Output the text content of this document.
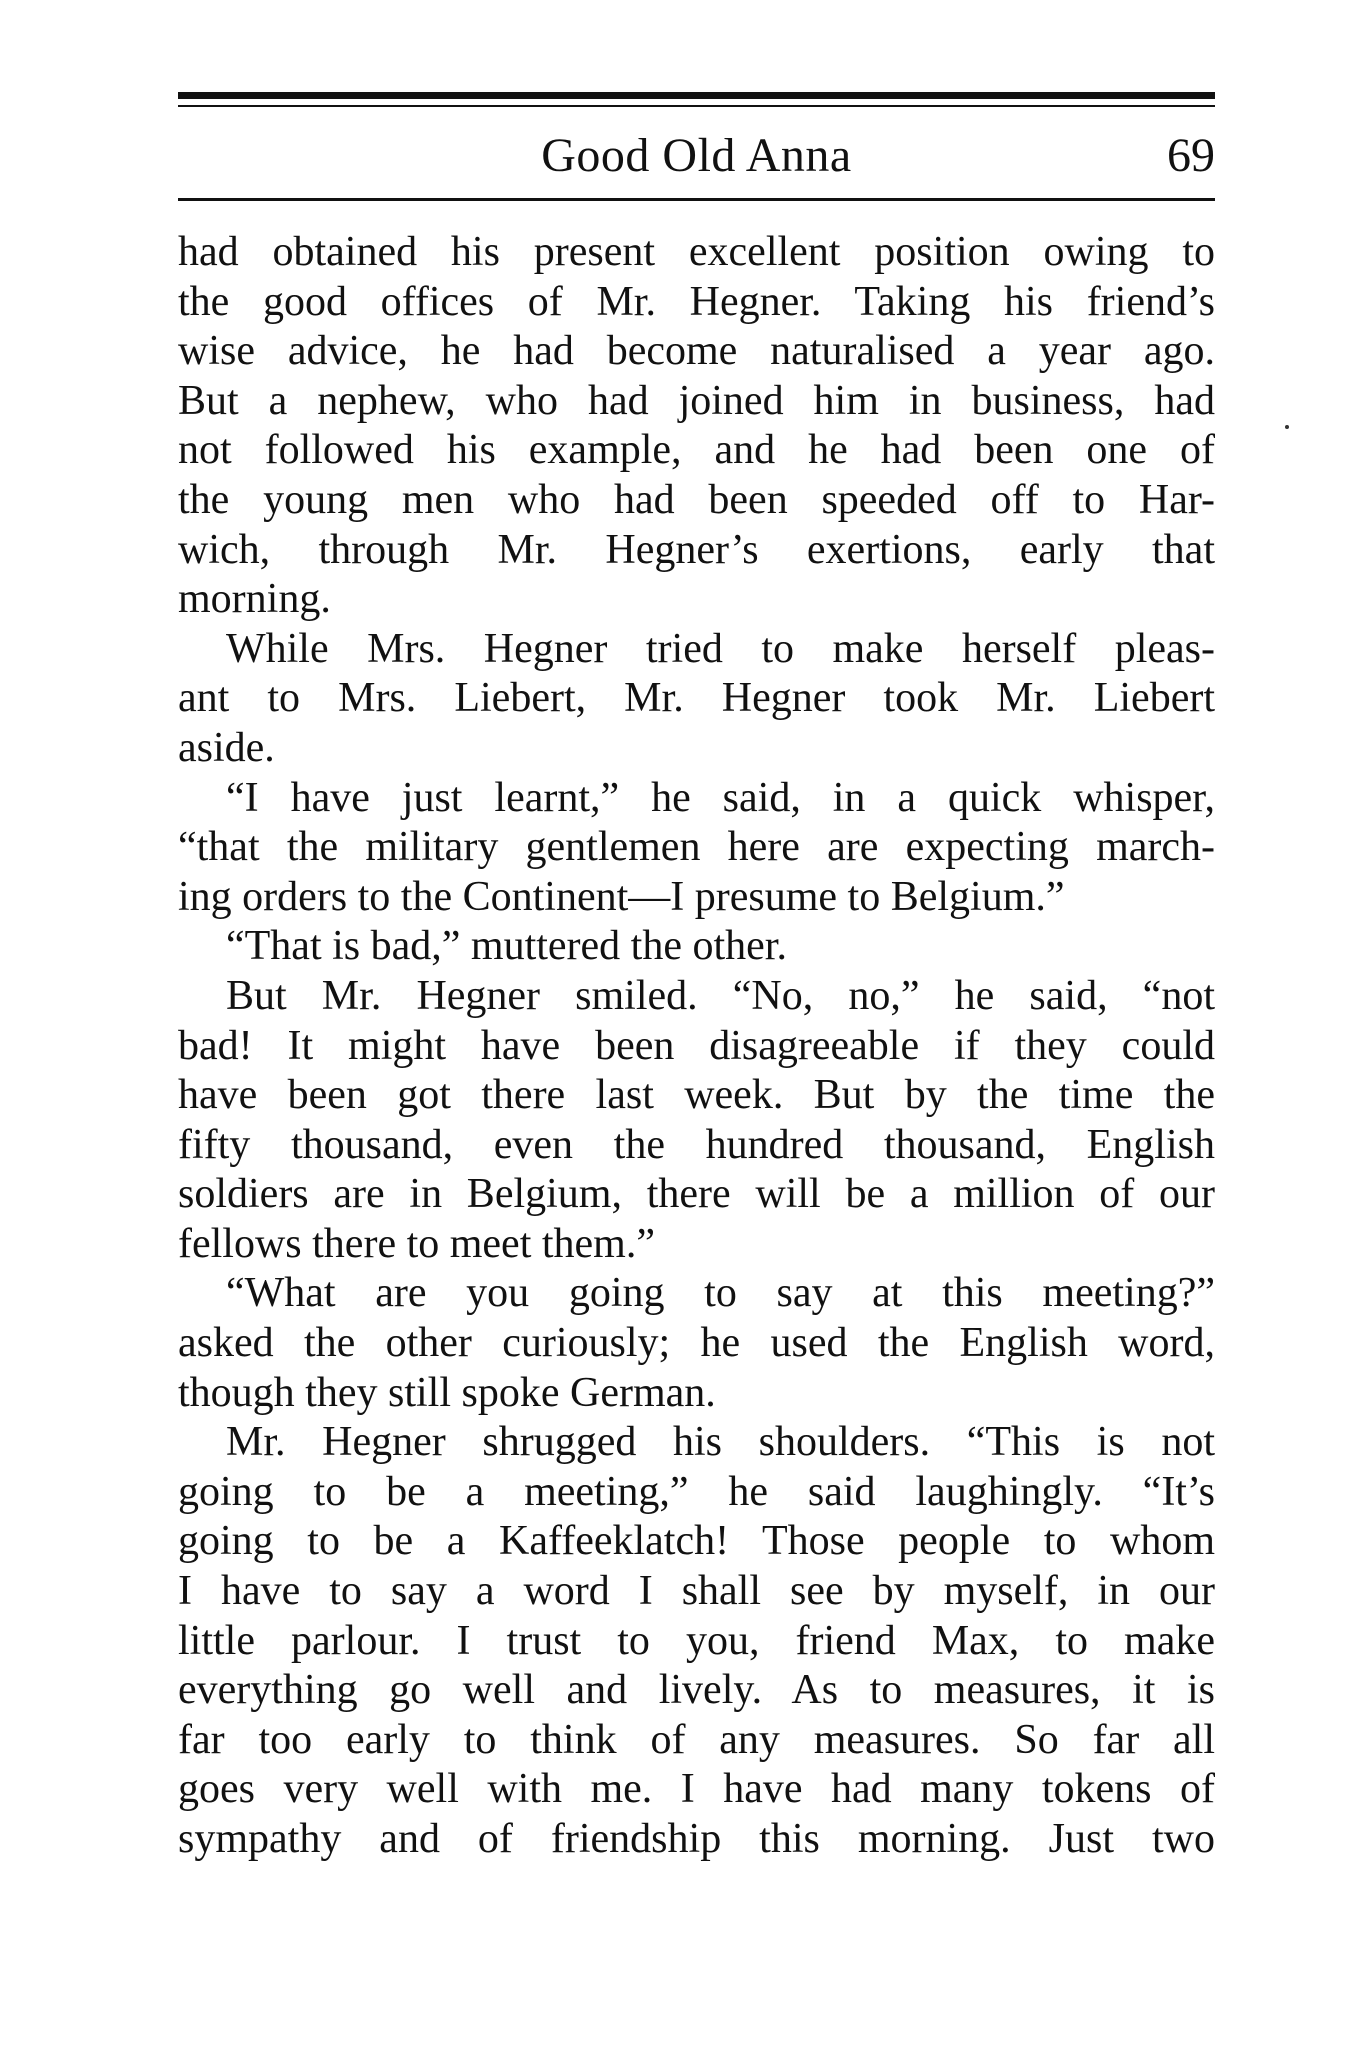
Good Old Anna	69
had obtained his present excellent position owing to
the good offices of Mr. Hegner. Taking his friend’s
wise advice, he had become naturalised a year ago.
But a nephew, who had joined him in business, had
not followed his example, and he had been one of
the young men who had been speeded off to Har-
wich, through Mr. Hegner’s exertions, early that
morning.
While Mrs. Hegner tried to make herself pleas-
ant to Mrs. Liebert, Mr. Hegner took Mr. Liebert
aside.
“I have just learnt,” he said, in a quick whisper,
“that the military gentlemen here are expecting march-
ing orders to the Continent—I presume to Belgium.”
“That is bad,” muttered the other.
But Mr. Hegner smiled. “No, no,” he said, “not
bad! It might have been disagreeable if they could
have been got there last week. But by the time the
fifty thousand, even the hundred thousand, English
soldiers are in Belgium, there will be a million of our
fellows there to meet them.”
“What are you going to say at this meeting?”
asked the other curiously; he used the English word,
though they still spoke German.
Mr. Hegner shrugged his shoulders. “This is not
going to be a meeting,” he said laughingly. “It’s
going to be a Kaffeeklatch! Those people to whom
I have to say a word I shall see by myself, in our
little parlour. I trust to you, friend Max, to make
everything go well and lively. As to measures, it is
far too early to think of any measures. So far all
goes very well with me. I have had many tokens of
sympathy and of friendship this morning. Just two
